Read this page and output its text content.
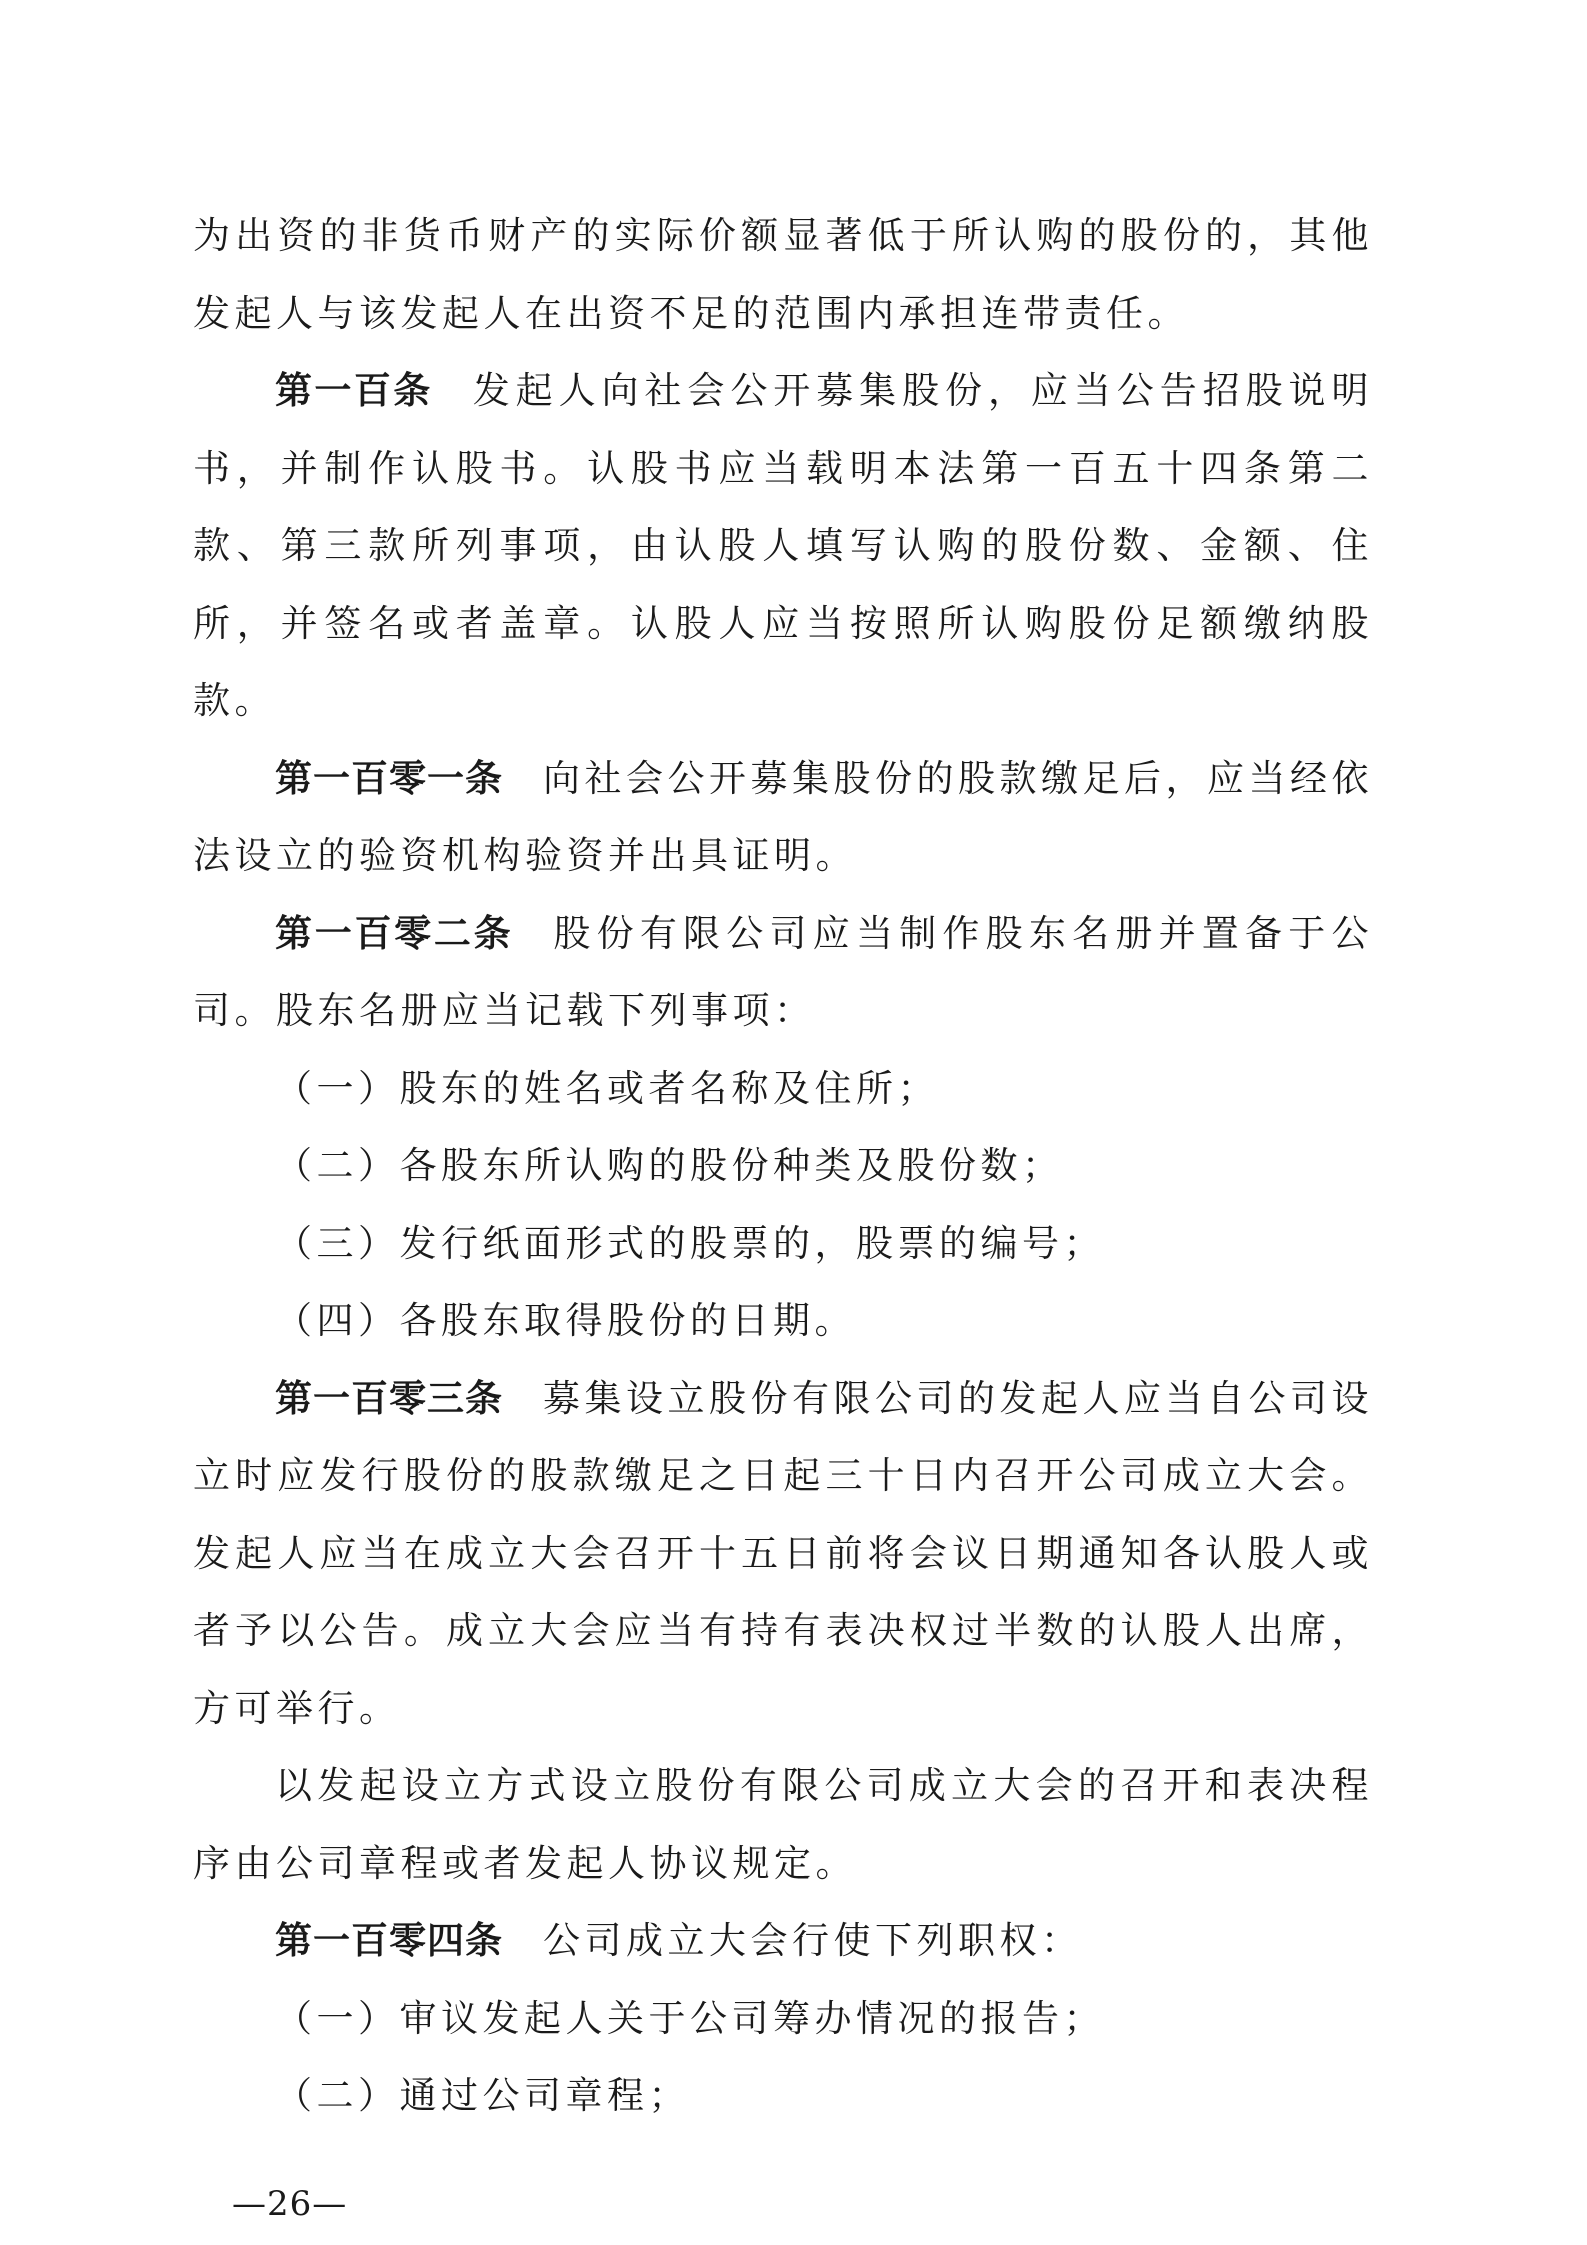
为出资的非货币财产的实际价额显著低于所认购的股份的，其他发起人与该发起人在出资不足的范围内承担连带责任。

第一百条 发起人向社会公开募集股份，应当公告招股说明书，并制作认股书。认股书应当载明本法第一百五十四条第二款、第三款所列事项，由认股人填写认购的股份数、金额、住所，并签名或者盖章。认股人应当按照所认购股份足额缴纳股款。

第一百零一条 向社会公开募集股份的股款缴足后，应当经依法设立的验资机构验资并出具证明。

第一百零二条 股份有限公司应当制作股东名册并置备于公司。股东名册应当记载下列事项：

（一）股东的姓名或者名称及住所；

（二）各股东所认购的股份种类及股份数；

（三）发行纸面形式的股票的，股票的编号；

（四）各股东取得股份的日期。

第一百零三条 募集设立股份有限公司的发起人应当自公司设立时应发行股份的股款缴足之日起三十日内召开公司成立大会。发起人应当在成立大会召开十五日前将会议日期通知各认股人或者予以公告。成立大会应当有持有表决权过半数的认股人出席，方可举行。

以发起设立方式设立股份有限公司成立大会的召开和表决程序由公司章程或者发起人协议规定。

第一百零四条 公司成立大会行使下列职权：

（一）审议发起人关于公司筹办情况的报告；

（二）通过公司章程；

—26—
